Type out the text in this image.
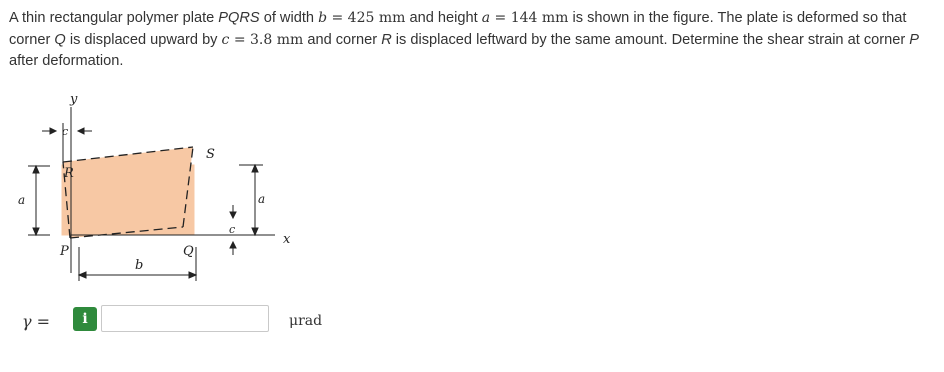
A thin rectangular polymer plate PQRS of width b = 425 mm and height a = 144 mm is shown in the figure. The plate is deformed so that corner Q is displaced upward by c = 3.8 mm and corner R is displaced leftward by the same amount. Determine the shear strain at corner P after deformation.
y
x
c
a	a
c
b
P	Q
R
S
γ =	i	μrad
